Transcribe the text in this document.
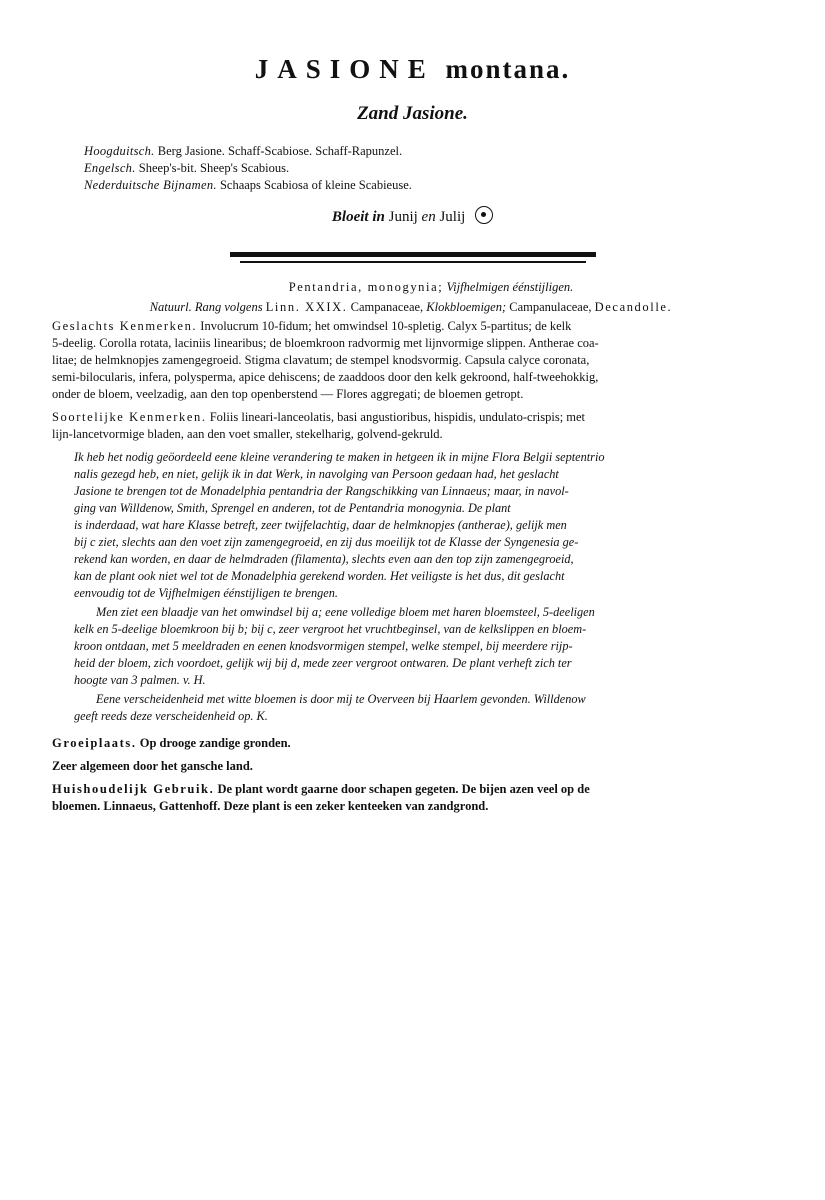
JASIONE montana.
Zand Jasione.
Hoogduitsch. Berg Jasione. Schaff-Scabiose. Schaff-Rapunzel.
Engelsch. Sheep's-bit. Sheep's Scabious.
Nederduitsche Bijnamen. Schaaps Scabiosa of kleine Scabieuse.
Bloeit in Junij en Julij

Pentandria, monogynia; Vijfhelmigen éénstijligen.

Natuurl. Rang volgens Linn. XXIX. Campanaceae, Klokbloemigen; Campanulaceae, Decandolle.

Geslachts Kenmerken. Involucrum 10-fidum; het omwindsel 10-spletig. Calyx 5-partitus; de kelk
5-deelig. Corolla rotata, laciniis linearibus; de bloemkroon radvormig met lijnvormige slippen. Antherae coa-
litae; de helmknopjes zamengegroeid. Stigma clavatum; de stempel knodsvormig. Capsula calyce coronata,
semi-bilocularis, infera, polysperma, apice dehiscens; de zaaddoos door den kelk gekroond, half-tweehokkig,
onder de bloem, veelzadig, aan den top openberstend — Flores aggregati; de bloemen getropt.
Soortelijke Kenmerken. Foliis lineari-lanceolatis, basi angustioribus, hispidis, undulato-crispis; met
lijn-lancetvormige bladen, aan den voet smaller, stekelharig, golvend-gekruld.
Ik heb het nodig geöordeeld eene kleine verandering te maken in hetgeen ik in mijne Flora Belgii septentrio
nalis gezegd heb, en niet, gelijk ik in dat Werk, in navolging van Persoon gedaan had, het geslacht
Jasione te brengen tot de Monadelphia pentandria der Rangschikking van Linnaeus; maar, in navol-
ging van Willdenow, Smith, Sprengel en anderen, tot de Pentandria monogynia. De plant
is inderdaad, wat hare Klasse betreft, zeer twijfelachtig, daar de helmknopjes (antherae), gelijk men
bij c ziet, slechts aan den voet zijn zamengegroeid, en zij dus moeilijk tot de Klasse der Syngenesia ge-
rekend kan worden, en daar de helmdraden (filamenta), slechts even aan den top zijn zamengegroeid,
kan de plant ook niet wel tot de Monadelphia gerekend worden. Het veiligste is het dus, dit geslacht
eenvoudig tot de Vijfhelmigen éénstijligen te brengen.
Men ziet een blaadje van het omwindsel bij a; eene volledige bloem met haren bloemsteel, 5-deeligen
kelk en 5-deelige bloemkroon bij b; bij c, zeer vergroot het vruchtbeginsel, van de kelkslippen en bloem-
kroon ontdaan, met 5 meeldraden en eenen knodsvormigen stempel, welke stempel, bij meerdere rijp-
heid der bloem, zich voordoet, gelijk wij bij d, mede zeer vergroot ontwaren. De plant verheft zich ter
hoogte van 3 palmen. v. H.
Eene verscheidenheid met witte bloemen is door mij te Overveen bij Haarlem gevonden. Willdenow
geeft reeds deze verscheidenheid op. K.

Groeiplaats. Op drooge zandige gronden.

Zeer algemeen door het gansche land.

Huishoudelijk Gebruik. De plant wordt gaarne door schapen gegeten. De bijen azen veel op de
bloemen. Linnaeus, Gattenhoff. Deze plant is een zeker kenteeken van zandgrond.
